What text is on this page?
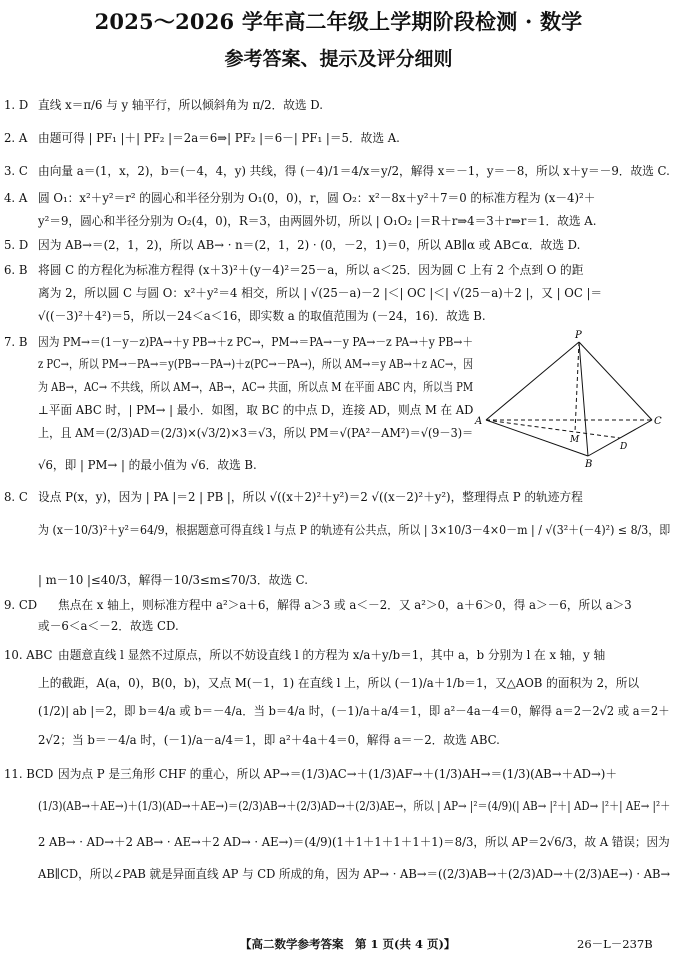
2025～2026 学年高二年级上学期阶段检测 · 数学
参考答案、提示及评分细则
1. D 直线 x＝π/6 与 y 轴平行，所以倾斜角为 π/2．故选 D.
2. A 由题可得 | PF₁ |＋| PF₂ |＝2a＝6⇒| PF₂ |＝6－| PF₁ |＝5．故选 A.
3. C 由向量 a＝(1，x，2)，b＝(－4，4，y) 共线，得 (－4)/1＝4/x＝y/2，解得 x＝－1，y＝－8，所以 x＋y＝－9．故选 C.
4. A 圆 O₁：x²＋y²＝r² 的圆心和半径分别为 O₁(0，0)，r，圆 O₂：x²－8x＋y²＋7＝0 的标准方程为 (x－4)²＋
y²＝9，圆心和半径分别为 O₂(4，0)，R＝3，由两圆外切，所以 | O₁O₂ |＝R＋r⇒4＝3＋r⇒r＝1．故选 A.
5. D 因为 AB→＝(2，1，2)，所以 AB→ · n＝(2，1，2) · (0，－2，1)＝0，所以 AB∥α 或 AB⊂α．故选 D.
6. B 将圆 C 的方程化为标准方程得 (x＋3)²＋(y－4)²＝25－a，所以 a＜25．因为圆 C 上有 2 个点到 O 的距
离为 2，所以圆 C 与圆 O：x²＋y²＝4 相交，所以 | √(25－a)－2 |＜| OC |＜| √(25－a)＋2 |，又 | OC |＝
√((－3)²＋4²)＝5，所以－24＜a＜16，即实数 a 的取值范围为 (－24，16)．故选 B.
7. B 因为 PM→＝(1－y－z)PA→＋y PB→＋z PC→，PM→＝PA→－y PA→－z PA→＋y PB→＋
z PC→，所以 PM→－PA→＝y(PB→－PA→)＋z(PC→－PA→)，所以 AM→＝y AB→＋z AC→，因
为 AB→，AC→ 不共线，所以 AM→，AB→，AC→ 共面，所以点 M 在平面 ABC 内，所以当 PM
⊥平面 ABC 时，| PM→ | 最小．如图，取 BC 的中点 D，连接 AD，则点 M 在 AD
上，且 AM＝(2/3)AD＝(2/3)×(√3/2)×3＝√3，所以 PM＝√(PA²－AM²)＝√(9－3)＝
√6，即 | PM→ | 的最小值为 √6．故选 B.
8. C 设点 P(x，y)，因为 | PA |＝2 | PB |，所以 √((x＋2)²＋y²)＝2 √((x－2)²＋y²)，整理得点 P 的轨迹方程
为 (x－10/3)²＋y²＝64/9，根据题意可得直线 l 与点 P 的轨迹有公共点，所以 | 3×10/3－4×0－m | / √(3²＋(－4)²) ≤ 8/3，即
| m－10 |≤40/3，解得－10/3≤m≤70/3．故选 C.
9. CD 焦点在 x 轴上，则标准方程中 a²＞a＋6，解得 a＞3 或 a＜－2．又 a²＞0，a＋6＞0，得 a＞－6，所以 a＞3
或－6＜a＜－2．故选 CD.
10. ABC 由题意直线 l 显然不过原点，所以不妨设直线 l 的方程为 x/a＋y/b＝1，其中 a，b 分别为 l 在 x 轴，y 轴
上的截距，A(a，0)，B(0，b)，又点 M(－1，1) 在直线 l 上，所以 (－1)/a＋1/b＝1，又△AOB 的面积为 2，所以
(1/2)| ab |＝2，即 b＝4/a 或 b＝－4/a．当 b＝4/a 时，(－1)/a＋a/4＝1，即 a²－4a－4＝0，解得 a＝2－2√2 或 a＝2＋
2√2；当 b＝－4/a 时，(－1)/a－a/4＝1，即 a²＋4a＋4＝0，解得 a＝－2．故选 ABC.
11. BCD 因为点 P 是三角形 CHF 的重心，所以 AP→＝(1/3)AC→＋(1/3)AF→＋(1/3)AH→＝(1/3)(AB→＋AD→)＋
(1/3)(AB→＋AE→)＋(1/3)(AD→＋AE→)＝(2/3)AB→＋(2/3)AD→＋(2/3)AE→，所以 | AP→ |²＝(4/9)(| AB→ |²＋| AD→ |²＋| AE→ |²＋
2 AB→ · AD→＋2 AB→ · AE→＋2 AD→ · AE→)＝(4/9)(1＋1＋1＋1＋1＋1)＝8/3，所以 AP＝2√6/3，故 A 错误；因为
AB∥CD，所以∠PAB 就是异面直线 AP 与 CD 所成的角，因为 AP→ · AB→＝((2/3)AB→＋(2/3)AD→＋(2/3)AE→) · AB→
P
A
B
C
M
D
【高二数学参考答案　第 1 页(共 4 页)】	26－L－237B
